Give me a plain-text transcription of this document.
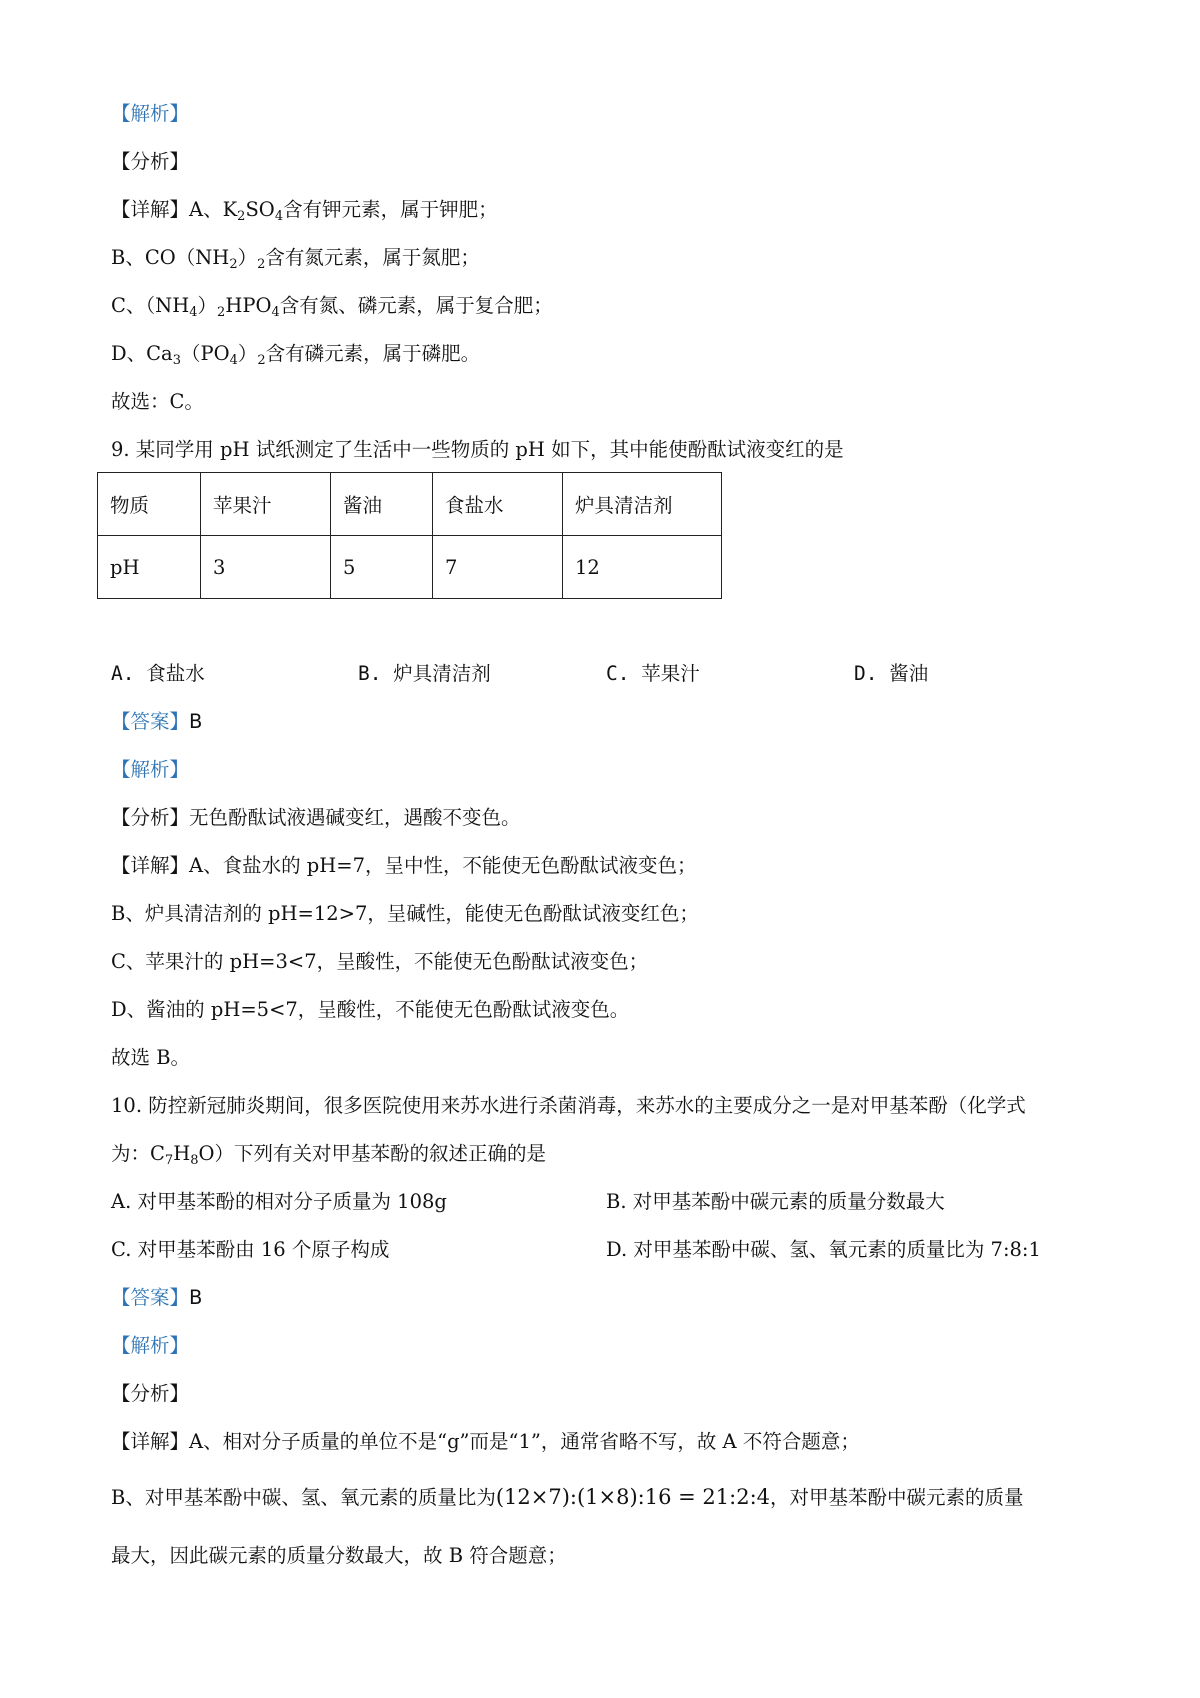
【解析】
【分析】
【详解】A、$K_2SO_4$含有钾元素，属于钾肥；
B、$CO(NH_2)_2$含有氮元素，属于氮肥；
C、$(NH_4)_2HPO_4$含有氮、磷元素，属于复合肥；
D、$Ca_3(PO_4)_2$含有磷元素，属于磷肥。
故选：C。
9. 某同学用 pH 试纸测定了生活中一些物质的 pH 如下，其中能使酚酞试液变红的是
物质	苹果汁	酱油	食盐水	炉具清洁剂
pH	3	5	7	12
A. 食盐水	B. 炉具清洁剂	C. 苹果汁	D. 酱油
【答案】B
【解析】
【分析】无色酚酞试液遇碱变红，遇酸不变色。
【详解】A、食盐水的 pH=7，呈中性，不能使无色酚酞试液变色；
B、炉具清洁剂的 pH=12>7，呈碱性，能使无色酚酞试液变红色；
C、苹果汁的 pH=3<7，呈酸性，不能使无色酚酞试液变色；
D、酱油的 pH=5<7，呈酸性，不能使无色酚酞试液变色。
故选 B。
10. 防控新冠肺炎期间，很多医院使用来苏水进行杀菌消毒，来苏水的主要成分之一是对甲基苯酚（化学式
为：$C_7H_8O$）下列有关对甲基苯酚的叙述正确的是
A. 对甲基苯酚的相对分子质量为 108g	B. 对甲基苯酚中碳元素的质量分数最大
C. 对甲基苯酚由 16 个原子构成	D. 对甲基苯酚中碳、氢、氧元素的质量比为 7:8:1
【答案】B
【解析】
【分析】
【详解】A、相对分子质量的单位不是“g”而是“1”，通常省略不写，故 A 不符合题意；
B、对甲基苯酚中碳、氢、氧元素的质量比为(12×7):(1×8):16 = 21:2:4，对甲基苯酚中碳元素的质量
最大，因此碳元素的质量分数最大，故 B 符合题意；
